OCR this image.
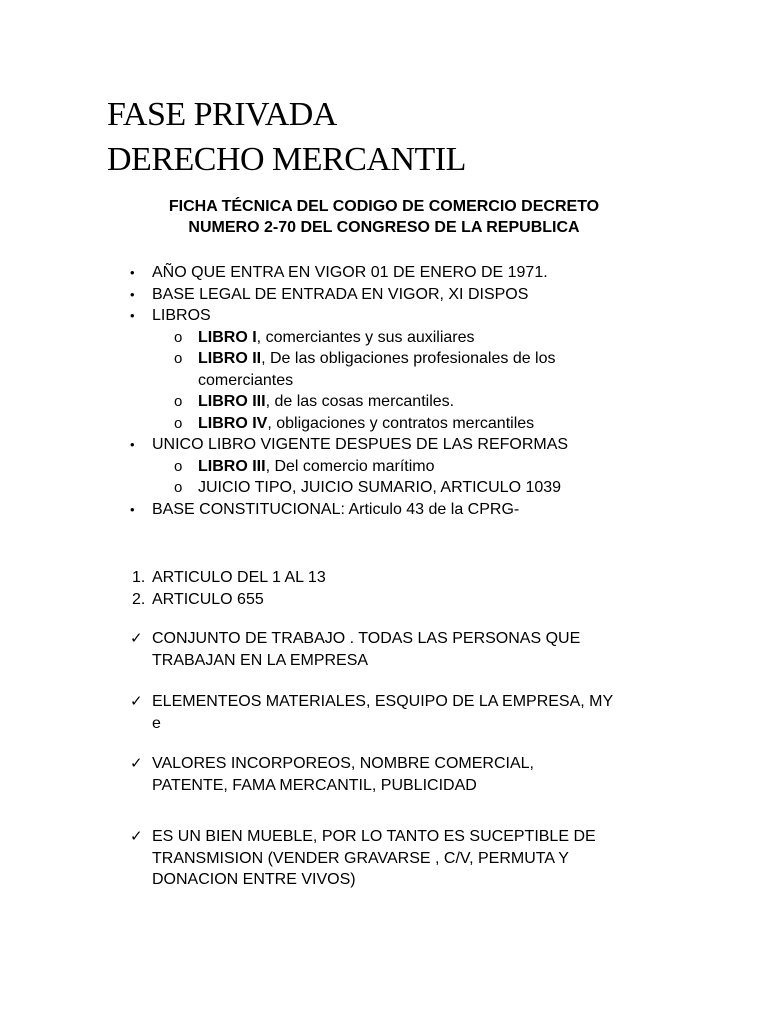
FASE PRIVADA
DERECHO MERCANTIL
FICHA TÉCNICA DEL CODIGO DE COMERCIO DECRETO
NUMERO 2-70 DEL CONGRESO DE LA REPUBLICA
• AÑO QUE ENTRA EN VIGOR 01 DE ENERO DE 1971.
• BASE LEGAL DE ENTRADA EN VIGOR, XI DISPOS
• LIBROS
o LIBRO I, comerciantes y sus auxiliares
o LIBRO II, De las obligaciones profesionales de los
comerciantes
o LIBRO III, de las cosas mercantiles.
o LIBRO IV, obligaciones y contratos mercantiles
• UNICO LIBRO VIGENTE DESPUES DE LAS REFORMAS
o LIBRO III, Del comercio marítimo
o JUICIO TIPO, JUICIO SUMARIO, ARTICULO 1039
• BASE CONSTITUCIONAL: Articulo 43 de la CPRG-
1. ARTICULO DEL 1 AL 13
2. ARTICULO 655
✓ CONJUNTO DE TRABAJO . TODAS LAS PERSONAS QUE
TRABAJAN EN LA EMPRESA
✓ ELEMENTEOS MATERIALES, ESQUIPO DE LA EMPRESA, MY
e
✓ VALORES INCORPOREOS, NOMBRE COMERCIAL,
PATENTE, FAMA MERCANTIL, PUBLICIDAD
✓ ES UN BIEN MUEBLE, POR LO TANTO ES SUCEPTIBLE DE
TRANSMISION (VENDER GRAVARSE , C/V, PERMUTA Y
DONACION ENTRE VIVOS)
